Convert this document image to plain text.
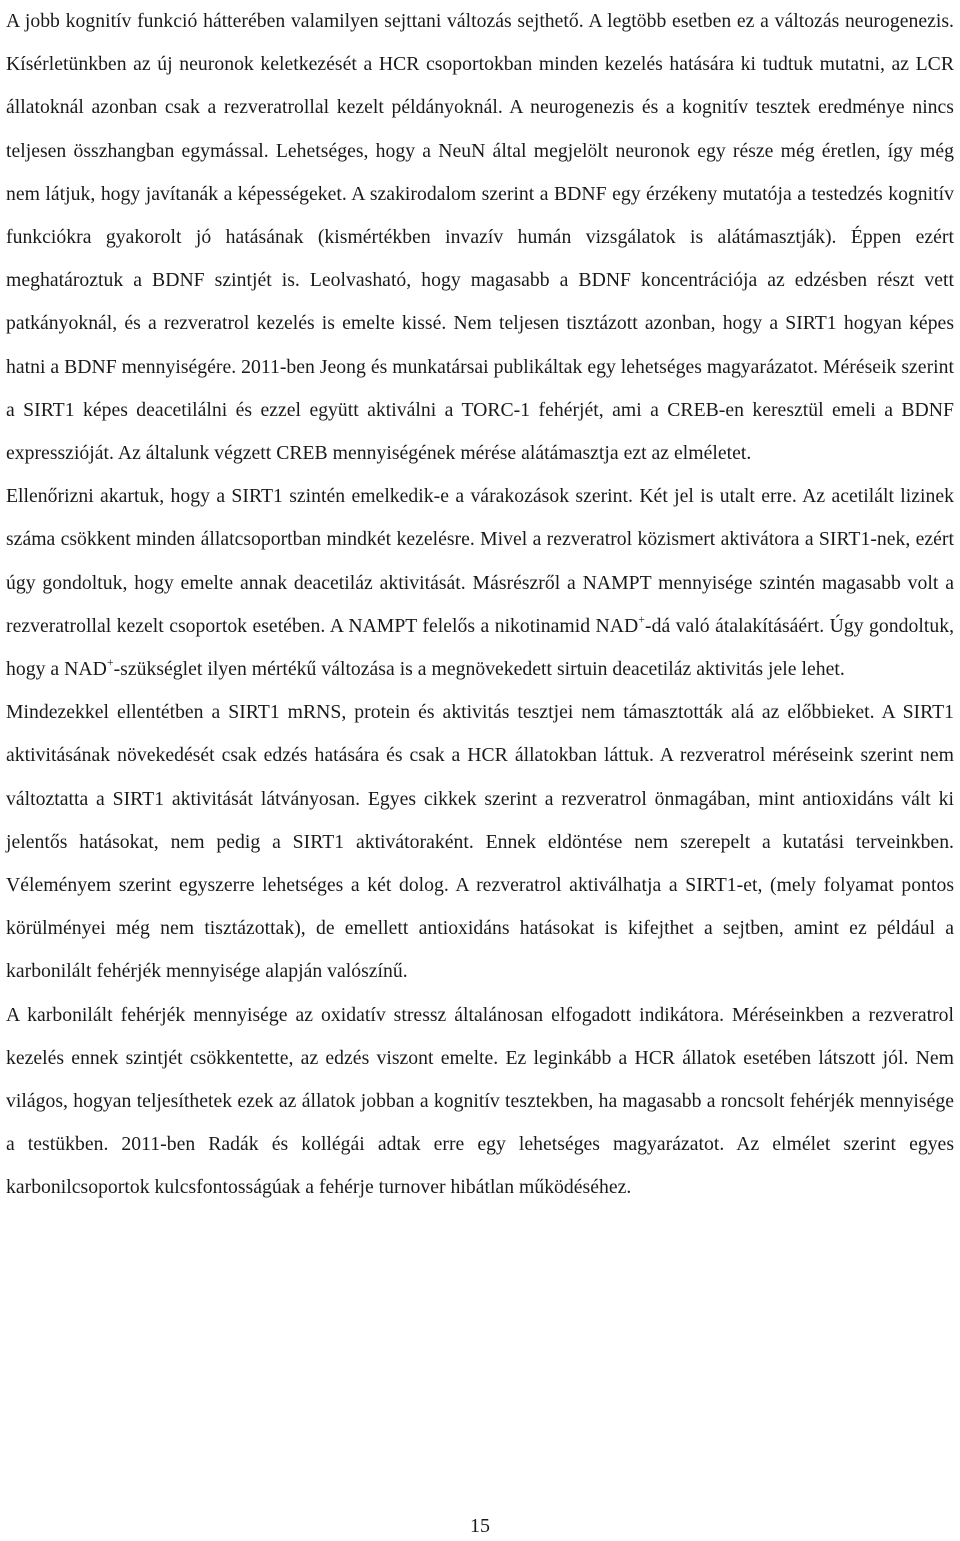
A jobb kognitív funkció hátterében valamilyen sejttani változás sejthető. A legtöbb esetben ez a változás neurogenezis. Kísérletünkben az új neuronok keletkezését a HCR csoportokban minden kezelés hatására ki tudtuk mutatni, az LCR állatoknál azonban csak a rezveratrollal kezelt példányoknál. A neurogenezis és a kognitív tesztek eredménye nincs teljesen összhangban egymással. Lehetséges, hogy a NeuN által megjelölt neuronok egy része még éretlen, így még nem látjuk, hogy javítanák a képességeket. A szakirodalom szerint a BDNF egy érzékeny mutatója a testedzés kognitív funkciókra gyakorolt jó hatásának (kismértékben invazív humán vizsgálatok is alátámasztják). Éppen ezért meghatároztuk a BDNF szintjét is. Leolvasható, hogy magasabb a BDNF koncentrációja az edzésben részt vett patkányoknál, és a rezveratrol kezelés is emelte kissé. Nem teljesen tisztázott azonban, hogy a SIRT1 hogyan képes hatni a BDNF mennyiségére. 2011-ben Jeong és munkatársai publikáltak egy lehetséges magyarázatot. Méréseik szerint a SIRT1 képes deacetilálni és ezzel együtt aktiválni a TORC-1 fehérjét, ami a CREB-en keresztül emeli a BDNF expresszióját. Az általunk végzett CREB mennyiségének mérése alátámasztja ezt az elméletet.

Ellenőrizni akartuk, hogy a SIRT1 szintén emelkedik-e a várakozások szerint. Két jel is utalt erre. Az acetilált lizinek száma csökkent minden állatcsoportban mindkét kezelésre. Mivel a rezveratrol közismert aktivátora a SIRT1-nek, ezért úgy gondoltuk, hogy emelte annak deacetiláz aktivitását. Másrészről a NAMPT mennyisége szintén magasabb volt a rezveratrollal kezelt csoportok esetében. A NAMPT felelős a nikotinamid NAD+-dá való átalakításáért. Úgy gondoltuk, hogy a NAD+-szükséglet ilyen mértékű változása is a megnövekedett sirtuin deacetiláz aktivitás jele lehet.

Mindezekkel ellentétben a SIRT1 mRNS, protein és aktivitás tesztjei nem támasztották alá az előbbieket. A SIRT1 aktivitásának növekedését csak edzés hatására és csak a HCR állatokban láttuk. A rezveratrol méréseink szerint nem változtatta a SIRT1 aktivitását látványosan. Egyes cikkek szerint a rezveratrol önmagában, mint antioxidáns vált ki jelentős hatásokat, nem pedig a SIRT1 aktivátoraként. Ennek eldöntése nem szerepelt a kutatási terveinkben. Véleményem szerint egyszerre lehetséges a két dolog. A rezveratrol aktiválhatja a SIRT1-et, (mely folyamat pontos körülményei még nem tisztázottak), de emellett antioxidáns hatásokat is kifejthet a sejtben, amint ez például a karbonilált fehérjék mennyisége alapján valószínű.

A karbonilált fehérjék mennyisége az oxidatív stressz általánosan elfogadott indikátora. Méréseinkben a rezveratrol kezelés ennek szintjét csökkentette, az edzés viszont emelte. Ez leginkább a HCR állatok esetében látszott jól. Nem világos, hogyan teljesíthetek ezek az állatok jobban a kognitív tesztekben, ha magasabb a roncsolt fehérjék mennyisége a testükben. 2011-ben Radák és kollégái adtak erre egy lehetséges magyarázatot. Az elmélet szerint egyes karbonilcsoportok kulcsfontosságúak a fehérje turnover hibátlan működéséhez.

15
